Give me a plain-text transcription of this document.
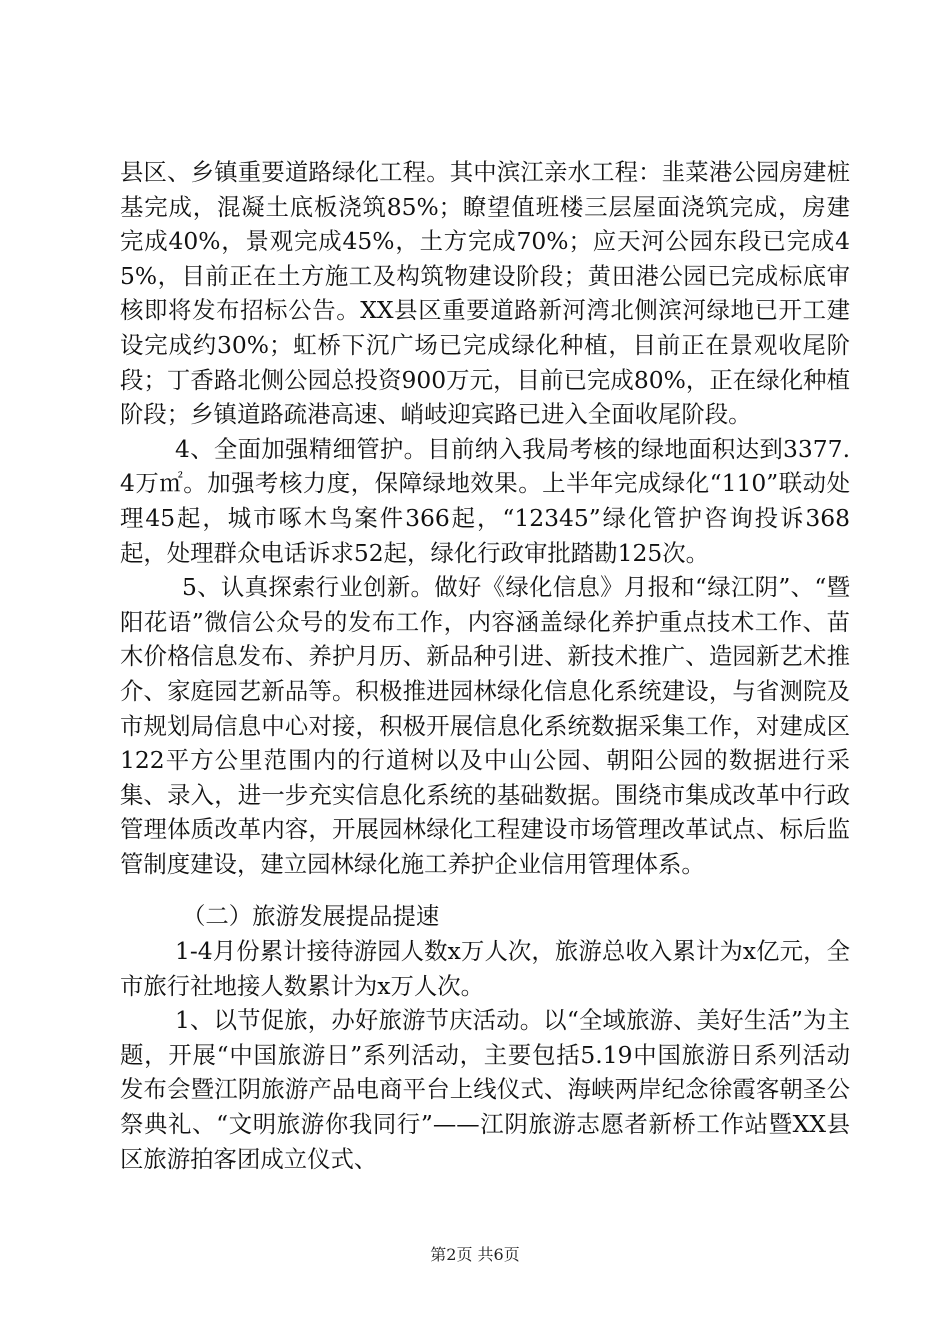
县区、乡镇重要道路绿化工程。其中滨江亲水工程：韭菜港公园房建桩基完成，混凝土底板浇筑85%；瞭望值班楼三层屋面浇筑完成，房建完成40%，景观完成45%，土方完成70%；应天河公园东段已完成45%，目前正在土方施工及构筑物建设阶段；黄田港公园已完成标底审核即将发布招标公告。XX县区重要道路新河湾北侧滨河绿地已开工建设完成约30%；虹桥下沉广场已完成绿化种植，目前正在景观收尾阶段；丁香路北侧公园总投资900万元，目前已完成80%，正在绿化种植阶段；乡镇道路疏港高速、峭岐迎宾路已进入全面收尾阶段。

4、全面加强精细管护。目前纳入我局考核的绿地面积达到3377.4万㎡。加强考核力度，保障绿地效果。上半年完成绿化“110”联动处理45起，城市啄木鸟案件366起，“12345”绿化管护咨询投诉368起，处理群众电话诉求52起，绿化行政审批踏勘125次。

5、认真探索行业创新。做好《绿化信息》月报和“绿江阴”、“暨阳花语”微信公众号的发布工作，内容涵盖绿化养护重点技术工作、苗木价格信息发布、养护月历、新品种引进、新技术推广、造园新艺术推介、家庭园艺新品等。积极推进园林绿化信息化系统建设，与省测院及市规划局信息中心对接，积极开展信息化系统数据采集工作，对建成区122平方公里范围内的行道树以及中山公园、朝阳公园的数据进行采集、录入，进一步充实信息化系统的基础数据。围绕市集成改革中行政管理体质改革内容，开展园林绿化工程建设市场管理改革试点、标后监管制度建设，建立园林绿化施工养护企业信用管理体系。

（二）旅游发展提品提速

1-4月份累计接待游园人数x万人次，旅游总收入累计为x亿元，全市旅行社地接人数累计为x万人次。

1、以节促旅，办好旅游节庆活动。以“全域旅游、美好生活”为主题，开展“中国旅游日”系列活动，主要包括5.19中国旅游日系列活动发布会暨江阴旅游产品电商平台上线仪式、海峡两岸纪念徐霞客朝圣公祭典礼、“文明旅游你我同行”——江阴旅游志愿者新桥工作站暨XX县区旅游拍客团成立仪式、

第2页 共6页
